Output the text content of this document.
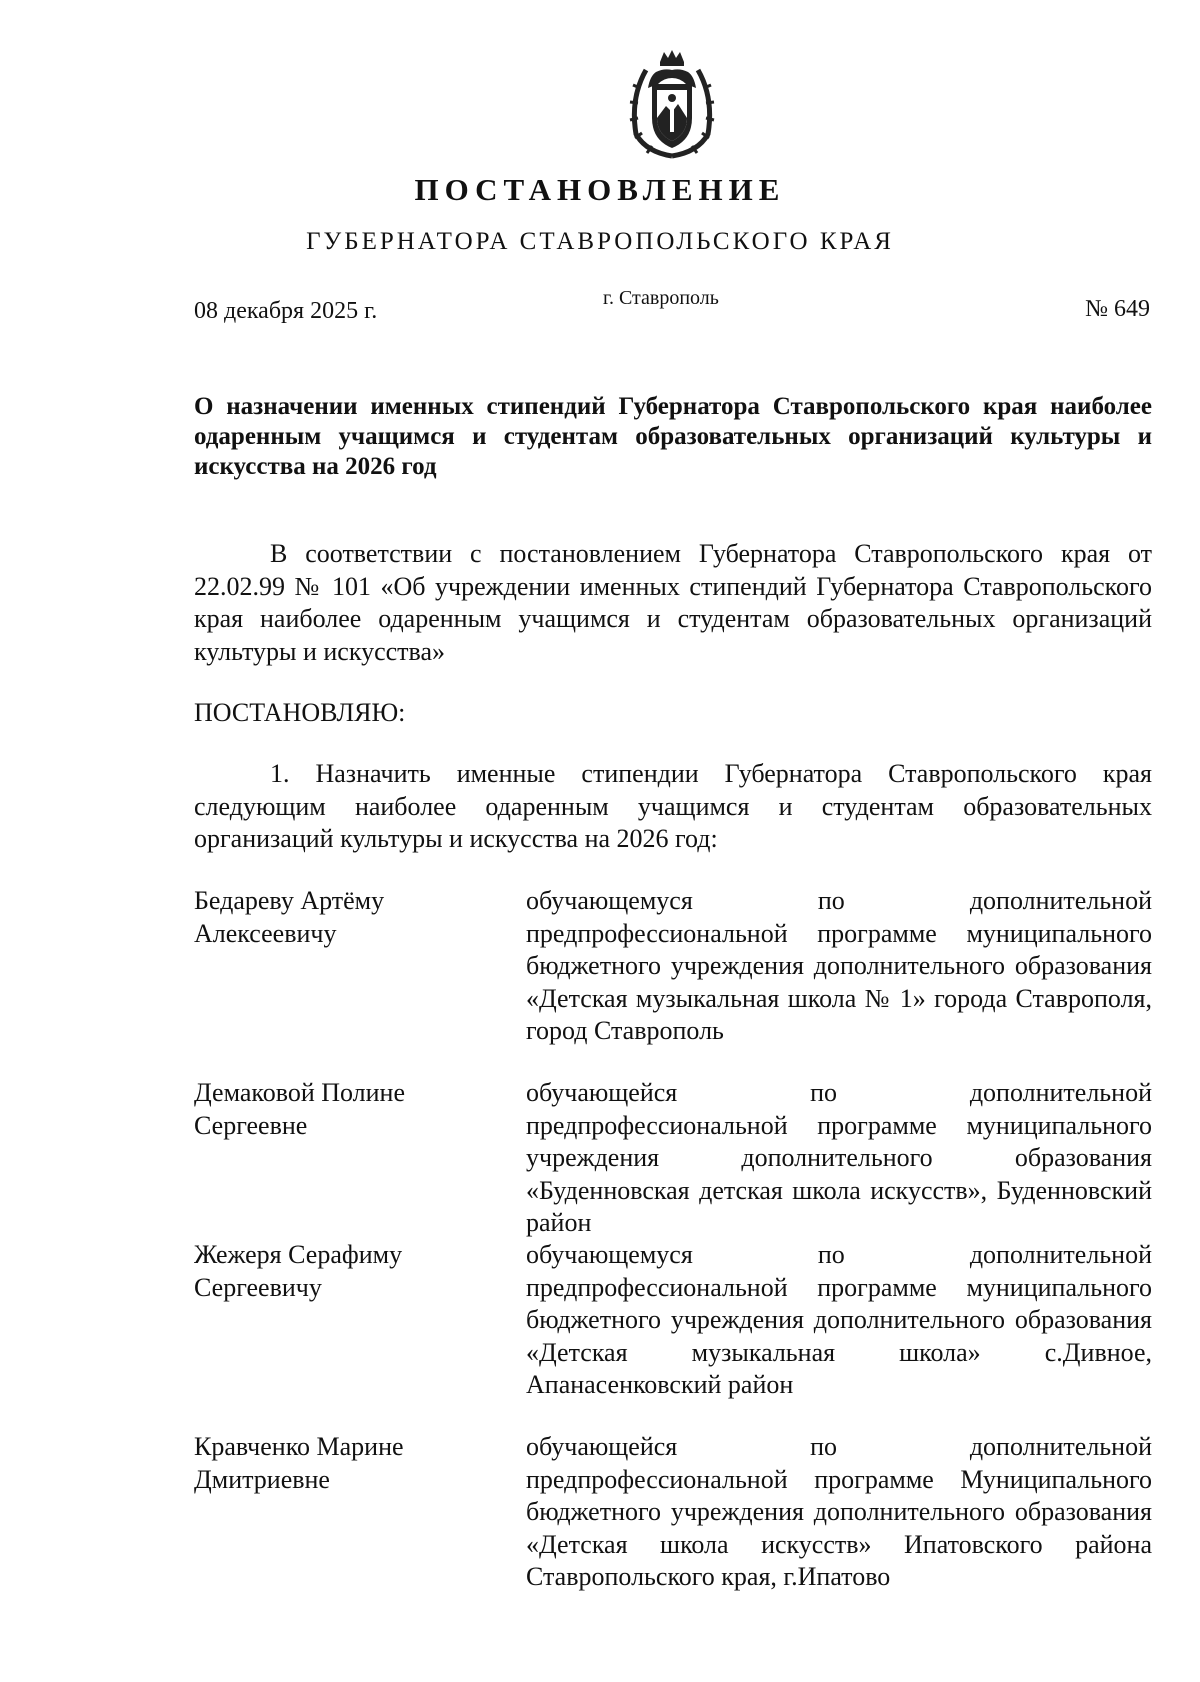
ПОСТАНОВЛЕНИЕ
ГУБЕРНАТОРА СТАВРОПОЛЬСКОГО КРАЯ
08 декабря 2025 г.	г. Ставрополь	№ 649

О назначении именных стипендий Губернатора Ставропольского края наиболее одаренным учащимся и студентам образовательных организаций культуры и искусства на 2026 год

В соответствии с постановлением Губернатора Ставропольского края от 22.02.99 № 101 «Об учреждении именных стипендий Губернатора Ставропольского края наиболее одаренным учащимся и студентам образовательных организаций культуры и искусства»

ПОСТАНОВЛЯЮ:

1. Назначить именные стипендии Губернатора Ставропольского края следующим наиболее одаренным учащимся и студентам образовательных организаций культуры и искусства на 2026 год:

Бедареву Артёму Алексеевичу
обучающемуся по дополнительной предпрофессиональной программе муниципального бюджетного учреждения дополнительного образования «Детская музыкальная школа № 1» города Ставрополя, город Ставрополь
Демаковой Полине Сергеевне
обучающейся по дополнительной предпрофессиональной программе муниципального учреждения дополнительного образования «Буденновская детская школа искусств», Буденновский район
Жежеря Серафиму Сергеевичу
обучающемуся по дополнительной предпрофессиональной программе муниципального бюджетного учреждения дополнительного образования «Детская музыкальная школа» с.Дивное, Апанасенковский район
Кравченко Марине Дмитриевне
обучающейся по дополнительной предпрофессиональной программе Муниципального бюджетного учреждения дополнительного образования «Детская школа искусств» Ипатовского района Ставропольского края, г.Ипатово
